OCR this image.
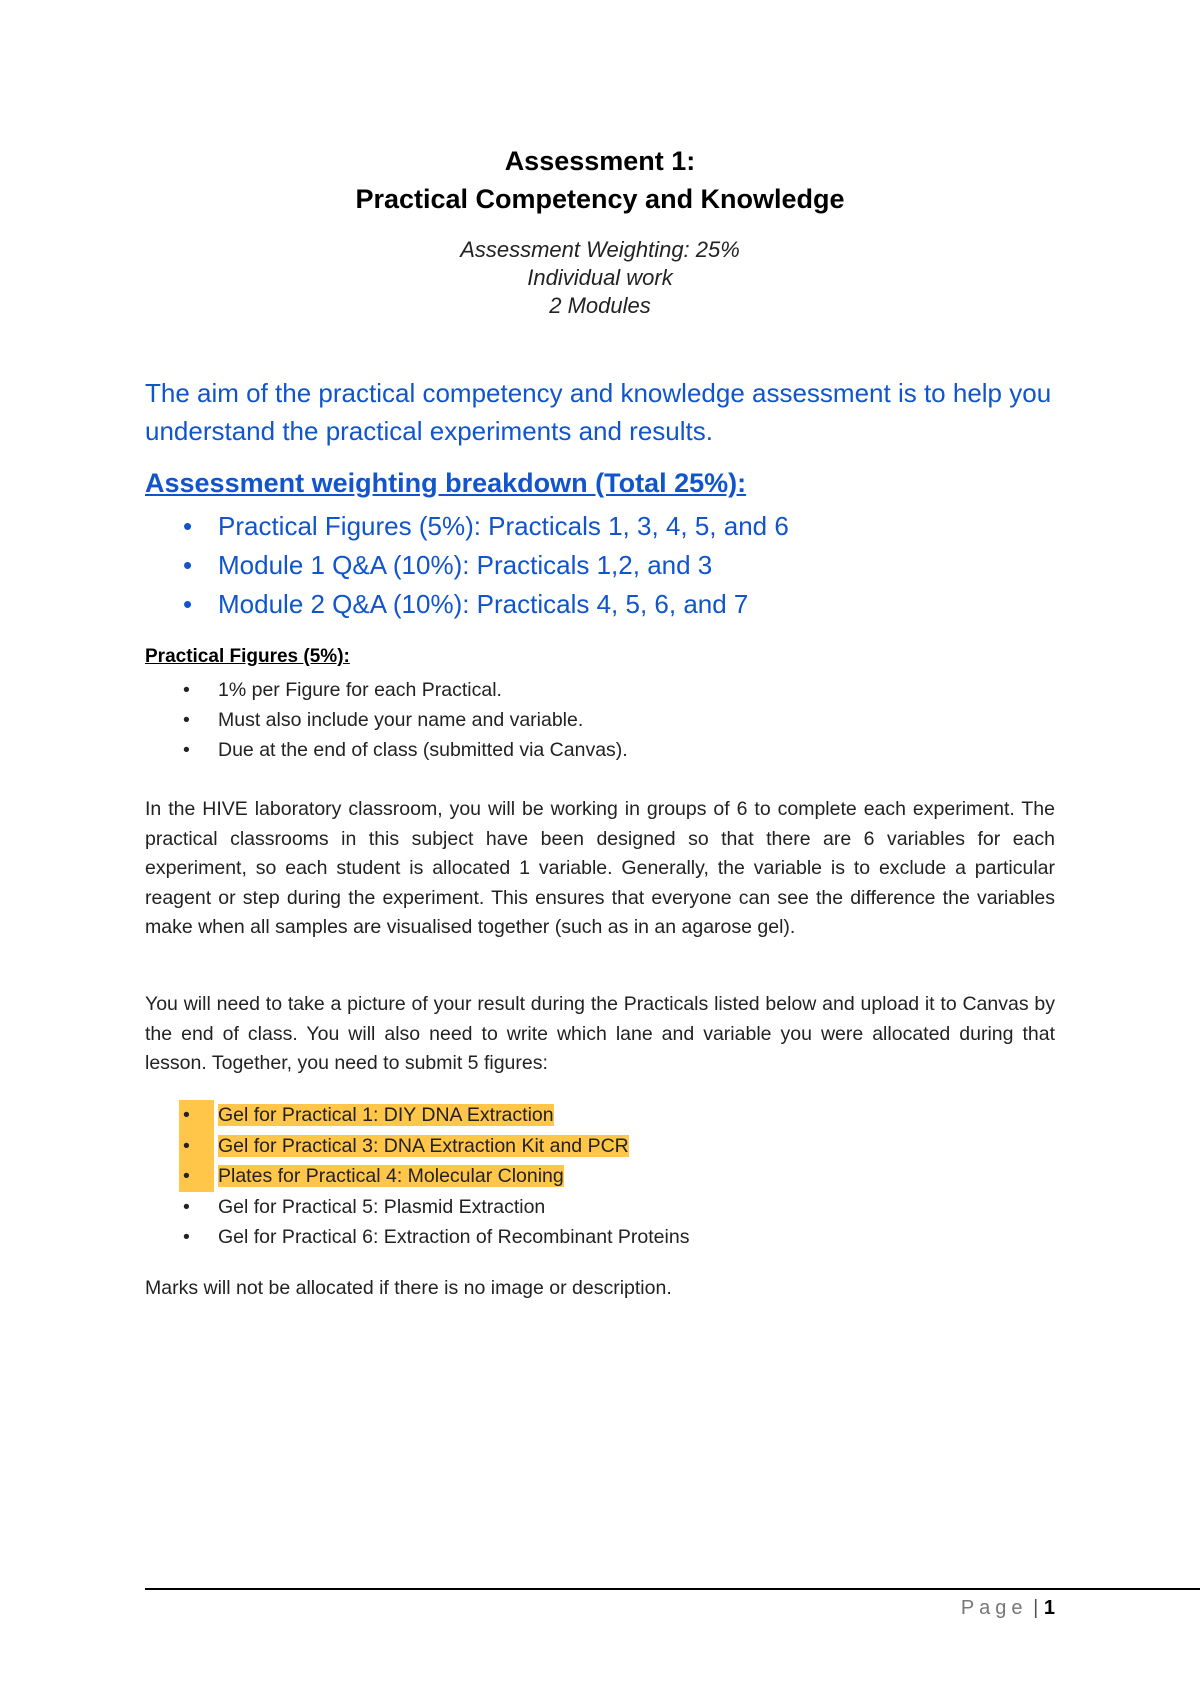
Assessment 1:
Practical Competency and Knowledge
Assessment Weighting: 25%
Individual work
2 Modules
The aim of the practical competency and knowledge assessment is to help you understand the practical experiments and results.
Assessment weighting breakdown (Total 25%):
• Practical Figures (5%): Practicals 1, 3, 4, 5, and 6
• Module 1 Q&A (10%): Practicals 1,2, and 3
• Module 2 Q&A (10%): Practicals 4, 5, 6, and 7
Practical Figures (5%):
• 1% per Figure for each Practical.
• Must also include your name and variable.
• Due at the end of class (submitted via Canvas).

In the HIVE laboratory classroom, you will be working in groups of 6 to complete each experiment. The practical classrooms in this subject have been designed so that there are 6 variables for each experiment, so each student is allocated 1 variable. Generally, the variable is to exclude a particular reagent or step during the experiment. This ensures that everyone can see the difference the variables make when all samples are visualised together (such as in an agarose gel).

You will need to take a picture of your result during the Practicals listed below and upload it to Canvas by the end of class. You will also need to write which lane and variable you were allocated during that lesson. Together, you need to submit 5 figures:

•	Gel for Practical 1: DIY DNA Extraction
•	Gel for Practical 3: DNA Extraction Kit and PCR
•	Plates for Practical 4: Molecular Cloning
• Gel for Practical 5: Plasmid Extraction
• Gel for Practical 6: Extraction of Recombinant Proteins

Marks will not be allocated if there is no image or description.

Page | 1
